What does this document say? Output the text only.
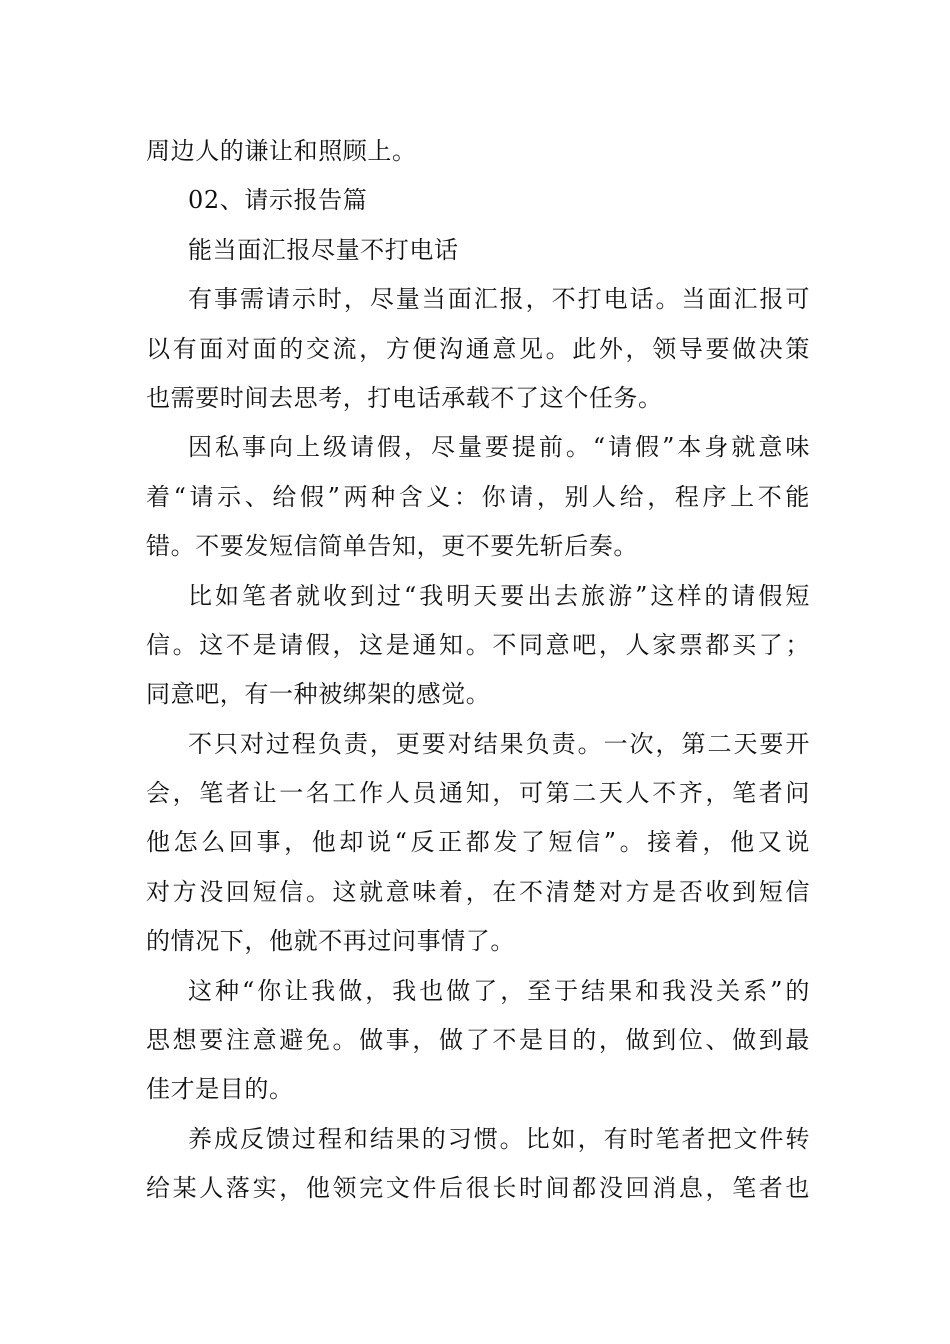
周边人的谦让和照顾上。
02、请示报告篇
能当面汇报尽量不打电话
有事需请示时，尽量当面汇报，不打电话。当面汇报可
以有面对面的交流，方便沟通意见。此外，领导要做决策
也需要时间去思考，打电话承载不了这个任务。
因私事向上级请假，尽量要提前。“请假”本身就意味
着“请示、给假”两种含义：你请，别人给，程序上不能
错。不要发短信简单告知，更不要先斩后奏。
比如笔者就收到过“我明天要出去旅游”这样的请假短
信。这不是请假，这是通知。不同意吧，人家票都买了；
同意吧，有一种被绑架的感觉。
不只对过程负责，更要对结果负责。一次，第二天要开
会，笔者让一名工作人员通知，可第二天人不齐，笔者问
他怎么回事，他却说“反正都发了短信”。接着，他又说
对方没回短信。这就意味着，在不清楚对方是否收到短信
的情况下，他就不再过问事情了。
这种“你让我做，我也做了，至于结果和我没关系”的
思想要注意避免。做事，做了不是目的，做到位、做到最
佳才是目的。
养成反馈过程和结果的习惯。比如，有时笔者把文件转
给某人落实，他领完文件后很长时间都没回消息，笔者也
